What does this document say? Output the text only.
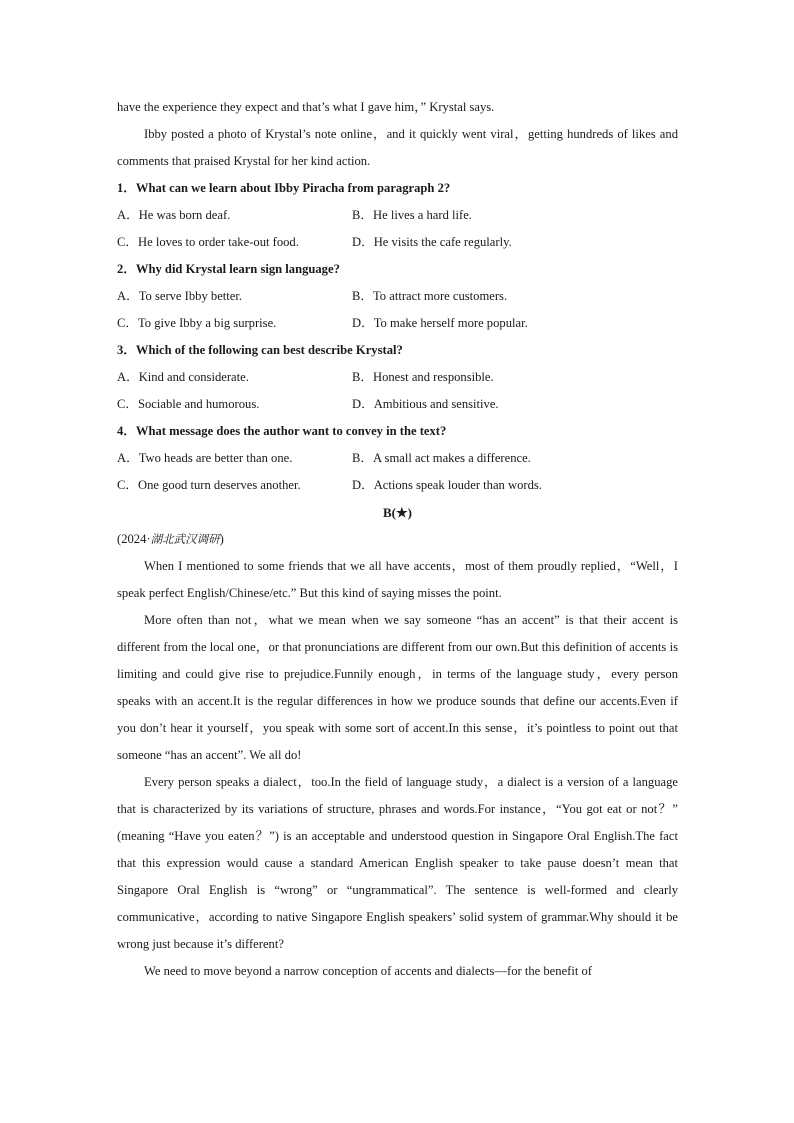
have the experience they expect and that’s what I gave him，” Krystal says.

Ibby posted a photo of Krystal’s note online，and it quickly went viral，getting hundreds of likes and comments that praised Krystal for her kind action.

1．What can we learn about Ibby Piracha from paragraph 2?

A．He was born deaf.	B．He lives a hard life.
C．He loves to order take-out food.	D．He visits the cafe regularly.

2．Why did Krystal learn sign language?

A．To serve Ibby better.	B．To attract more customers.
C．To give Ibby a big surprise.	D．To make herself more popular.

3．Which of the following can best describe Krystal?

A．Kind and considerate.	B．Honest and responsible.
C．Sociable and humorous.	D．Ambitious and sensitive.

4．What message does the author want to convey in the text?

A．Two heads are better than one.	B．A small act makes a difference.
C．One good turn deserves another.	D．Actions speak louder than words.

B(★)

(2024·湖北武汉调研)

When I mentioned to some friends that we all have accents，most of them proudly replied，“Well，I speak perfect English/Chinese/etc.” But this kind of saying misses the point.

More often than not，what we mean when we say someone “has an accent” is that their accent is different from the local one，or that pronunciations are different from our own.But this definition of accents is limiting and could give rise to prejudice.Funnily enough，in terms of the language study，every person speaks with an accent.It is the regular differences in how we produce sounds that define our accents.Even if you don’t hear it yourself，you speak with some sort of accent.In this sense，it’s pointless to point out that someone “has an accent”. We all do!

Every person speaks a dialect，too.In the field of language study，a dialect is a version of a language that is characterized by its variations of structure, phrases and words.For instance，“You got eat or not？” (meaning “Have you eaten？”) is an acceptable and understood question in Singapore Oral English.The fact that this expression would cause a standard American English speaker to take pause doesn’t mean that Singapore Oral English is “wrong” or “ungrammatical”. The sentence is well-formed and clearly communicative，according to native Singapore English speakers’ solid system of grammar.Why should it be wrong just because it’s different?

We need to move beyond a narrow conception of accents and dialects—for the benefit of
